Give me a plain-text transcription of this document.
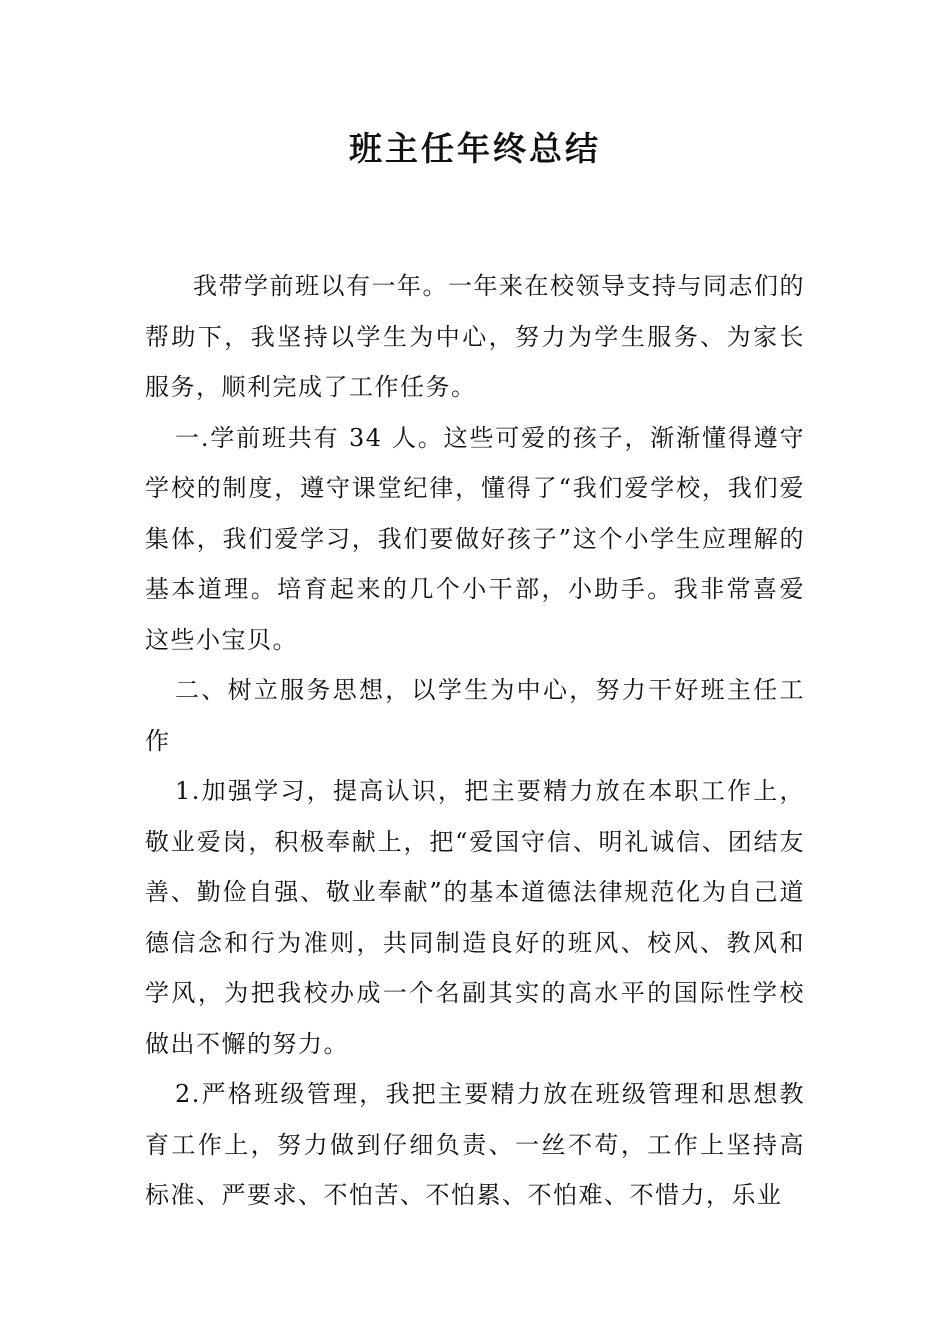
班主任年终总结

我带学前班以有一年。一年来在校领导支持与同志们的帮助下，我坚持以学生为中心，努力为学生服务、为家长服务，顺利完成了工作任务。

一.学前班共有 34 人。这些可爱的孩子，渐渐懂得遵守学校的制度，遵守课堂纪律，懂得了“我们爱学校，我们爱集体，我们爱学习，我们要做好孩子”这个小学生应理解的基本道理。培育起来的几个小干部，小助手。我非常喜爱这些小宝贝。

二、树立服务思想，以学生为中心，努力干好班主任工作

1.加强学习，提高认识，把主要精力放在本职工作上，敬业爱岗，积极奉献上，把“爱国守信、明礼诚信、团结友善、勤俭自强、敬业奉献”的基本道德法律规范化为自己道德信念和行为准则，共同制造良好的班风、校风、教风和学风，为把我校办成一个名副其实的高水平的国际性学校做出不懈的努力。

2.严格班级管理，我把主要精力放在班级管理和思想教育工作上，努力做到仔细负责、一丝不苟，工作上坚持高标准、严要求、不怕苦、不怕累、不怕难、不惜力，乐业
